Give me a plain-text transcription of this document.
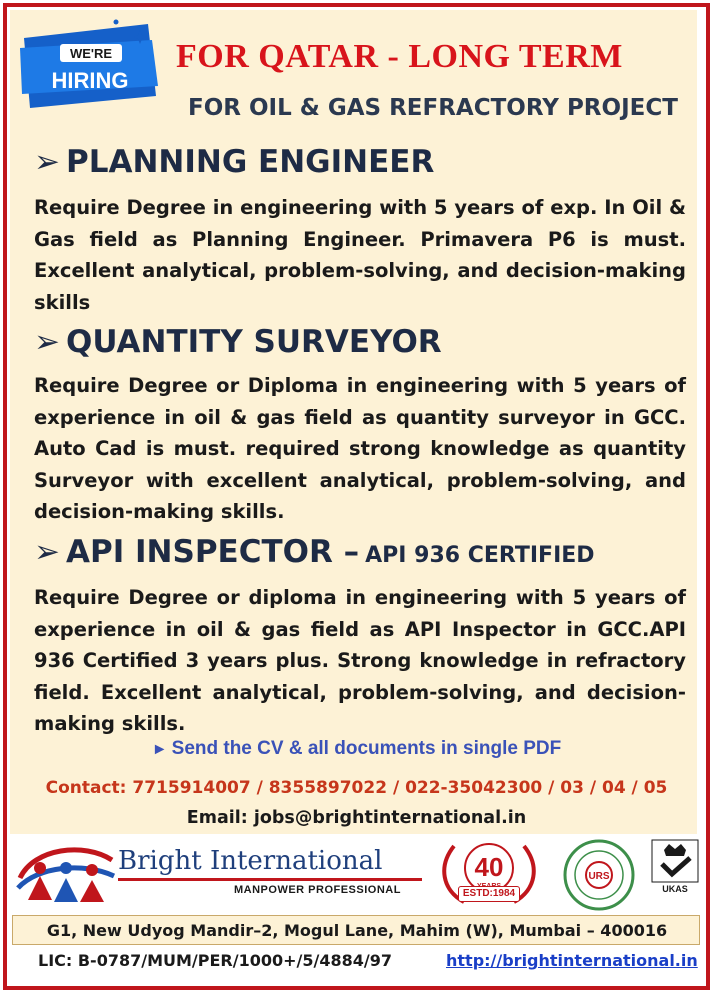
WE'RE
HIRING
FOR QATAR - LONG TERM
FOR OIL & GAS REFRACTORY PROJECT
➢ PLANNING ENGINEER
Require Degree in engineering with 5 years of exp. In Oil & Gas field as Planning Engineer. Primavera P6 is must. Excellent analytical, problem-solving, and decision-making skills
➢ QUANTITY SURVEYOR
Require Degree or Diploma in engineering with 5 years of experience in oil & gas field as quantity surveyor in GCC. Auto Cad is must. required strong knowledge as quantity Surveyor with excellent analytical, problem-solving, and decision-making skills.
➢ API INSPECTOR – API 936 CERTIFIED
Require Degree or diploma in engineering with 5 years of experience in oil & gas field as API Inspector in GCC.API 936 Certified 3 years plus. Strong knowledge in refractory field. Excellent analytical, problem-solving, and decision-making skills.
► Send the CV & all documents in single PDF
Contact: 7715914007 / 8355897022 / 022-35042300 / 03 / 04 / 05
Email: jobs@brightinternational.in
Bright International
MANPOWER PROFESSIONAL
40
ESTD:1984
URS
UKAS
G1, New Udyog Mandir–2, Mogul Lane, Mahim (W), Mumbai – 400016
LIC: B-0787/MUM/PER/1000+/5/4884/97	http://brightinternational.in
